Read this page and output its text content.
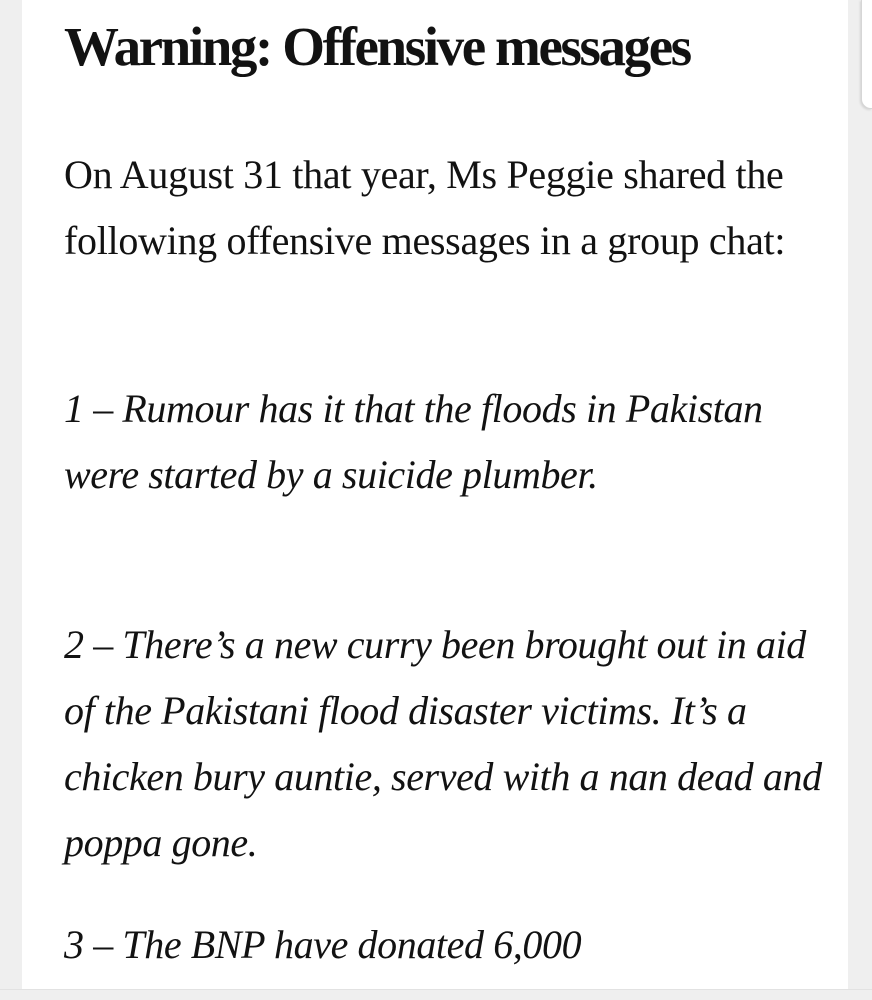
Warning: Offensive messages

On August 31 that year, Ms Peggie shared the following offensive messages in a group chat:

1 – Rumour has it that the floods in Pakistan were started by a suicide plumber.

2 – There’s a new curry been brought out in aid of the Pakistani flood disaster victims. It’s a chicken bury auntie, served with a nan dead and poppa gone.

3 – The BNP have donated 6,000
